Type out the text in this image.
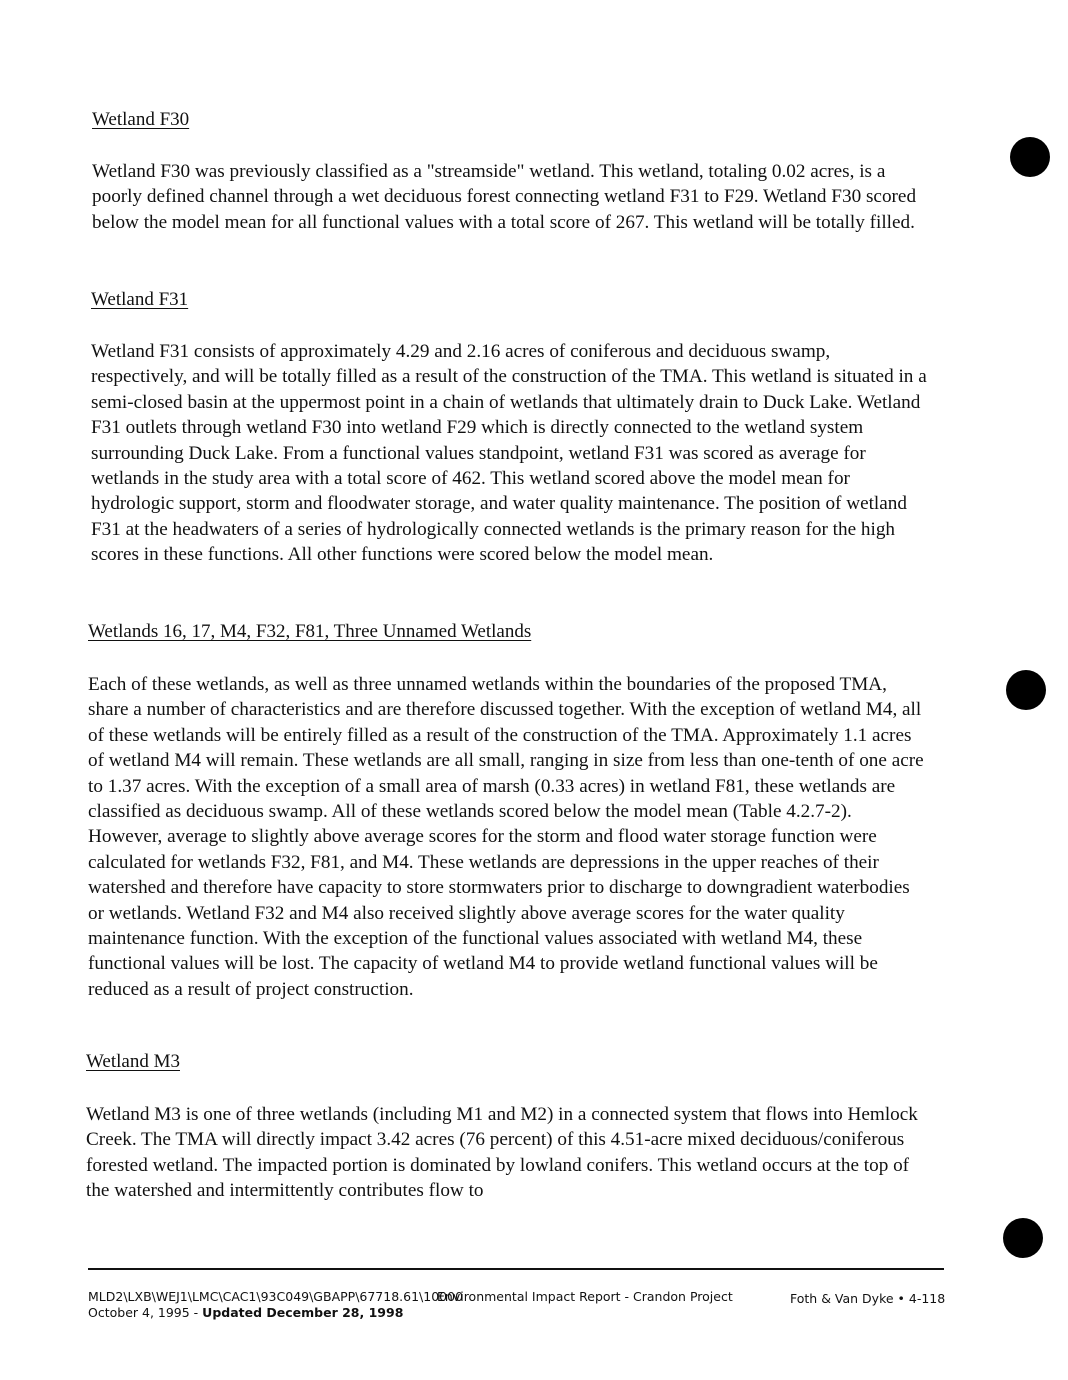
Wetland F30

Wetland F30 was previously classified as a "streamside" wetland. This wetland, totaling 0.02 acres, is a poorly defined channel through a wet deciduous forest connecting wetland F31 to F29. Wetland F30 scored below the model mean for all functional values with a total score of 267. This wetland will be totally filled.

Wetland F31

Wetland F31 consists of approximately 4.29 and 2.16 acres of coniferous and deciduous swamp, respectively, and will be totally filled as a result of the construction of the TMA. This wetland is situated in a semi-closed basin at the uppermost point in a chain of wetlands that ultimately drain to Duck Lake. Wetland F31 outlets through wetland F30 into wetland F29 which is directly connected to the wetland system surrounding Duck Lake. From a functional values standpoint, wetland F31 was scored as average for wetlands in the study area with a total score of 462. This wetland scored above the model mean for hydrologic support, storm and floodwater storage, and water quality maintenance. The position of wetland F31 at the headwaters of a series of hydrologically connected wetlands is the primary reason for the high scores in these functions. All other functions were scored below the model mean.

Wetlands 16, 17, M4, F32, F81, Three Unnamed Wetlands

Each of these wetlands, as well as three unnamed wetlands within the boundaries of the proposed TMA, share a number of characteristics and are therefore discussed together. With the exception of wetland M4, all of these wetlands will be entirely filled as a result of the construction of the TMA. Approximately 1.1 acres of wetland M4 will remain. These wetlands are all small, ranging in size from less than one-tenth of one acre to 1.37 acres. With the exception of a small area of marsh (0.33 acres) in wetland F81, these wetlands are classified as deciduous swamp. All of these wetlands scored below the model mean (Table 4.2.7-2). However, average to slightly above average scores for the storm and flood water storage function were calculated for wetlands F32, F81, and M4. These wetlands are depressions in the upper reaches of their watershed and therefore have capacity to store stormwaters prior to discharge to downgradient waterbodies or wetlands. Wetland F32 and M4 also received slightly above average scores for the water quality maintenance function. With the exception of the functional values associated with wetland M4, these functional values will be lost. The capacity of wetland M4 to provide wetland functional values will be reduced as a result of project construction.

Wetland M3

Wetland M3 is one of three wetlands (including M1 and M2) in a connected system that flows into Hemlock Creek. The TMA will directly impact 3.42 acres (76 percent) of this 4.51-acre mixed deciduous/coniferous forested wetland. The impacted portion is dominated by lowland conifers. This wetland occurs at the top of the watershed and intermittently contributes flow to

MLD2\LXB\WEJ1\LMC\CAC1\93C049\GBAPP\67718.61\10000
Environmental Impact Report - Crandon Project	Foth & Van Dyke • 4-118
October 4, 1995 - Updated December 28, 1998
